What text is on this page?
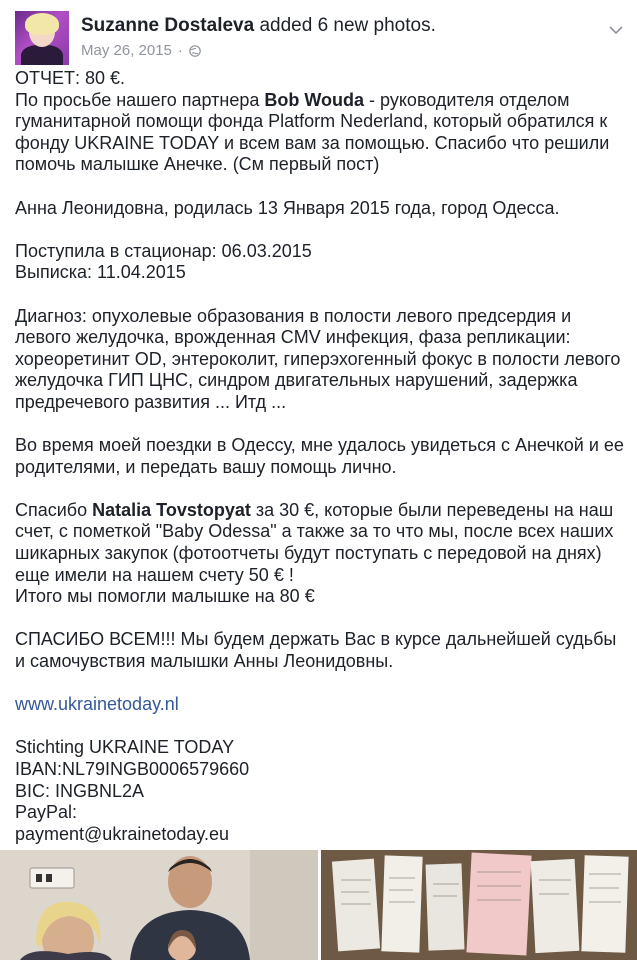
Suzanne Dostaleva added 6 new photos.
May 26, 2015 ·

ОТЧЕТ: 80 €.

По просьбе нашего партнера Bob Wouda - руководителя отделом гуманитарной помощи фонда Platform Nederland, который обратился к фонду UKRAINE TODAY и всем вам за помощью. Спасибо что решили помочь малышке Анечке. (См первый пост)

Анна Леонидовна, родилась 13 Января 2015 года, город Одесса.

Поступила в стационар: 06.03.2015

Выписка: 11.04.2015

Диагноз: опухолевые образования в полости левого предсердия и левого желудочка, врожденная CMV инфекция, фаза репликации: хореоретинит OD, энтероколит, гиперэхогенный фокус в полости левого желудочка ГИП ЦНС, синдром двигательных нарушений, задержка предречевого развития ... Итд ...

Во время моей поездки в Одессу, мне удалось увидеться с Анечкой и ее родителями, и передать вашу помощь лично.

Спасибо Natalia Tovstopyat за 30 €, которые были переведены на наш счет, с пометкой "Baby Odessa" а также за то что мы, после всех наших шикарных закупок (фотоотчеты будут поступать с передовой на днях) еще имели на нашем счету 50 € !

Итого мы помогли малышке на 80 €

СПАСИБО ВСЕМ!!! Мы будем держать Вас в курсе дальнейшей судьбы и самочувствия малышки Анны Леонидовны.

www.ukrainetoday.nl

Stichting UKRAINE TODAY

IBAN:NL79INGB0006579660

BIC: INGBNL2A

PayPal:

payment@ukrainetoday.eu
